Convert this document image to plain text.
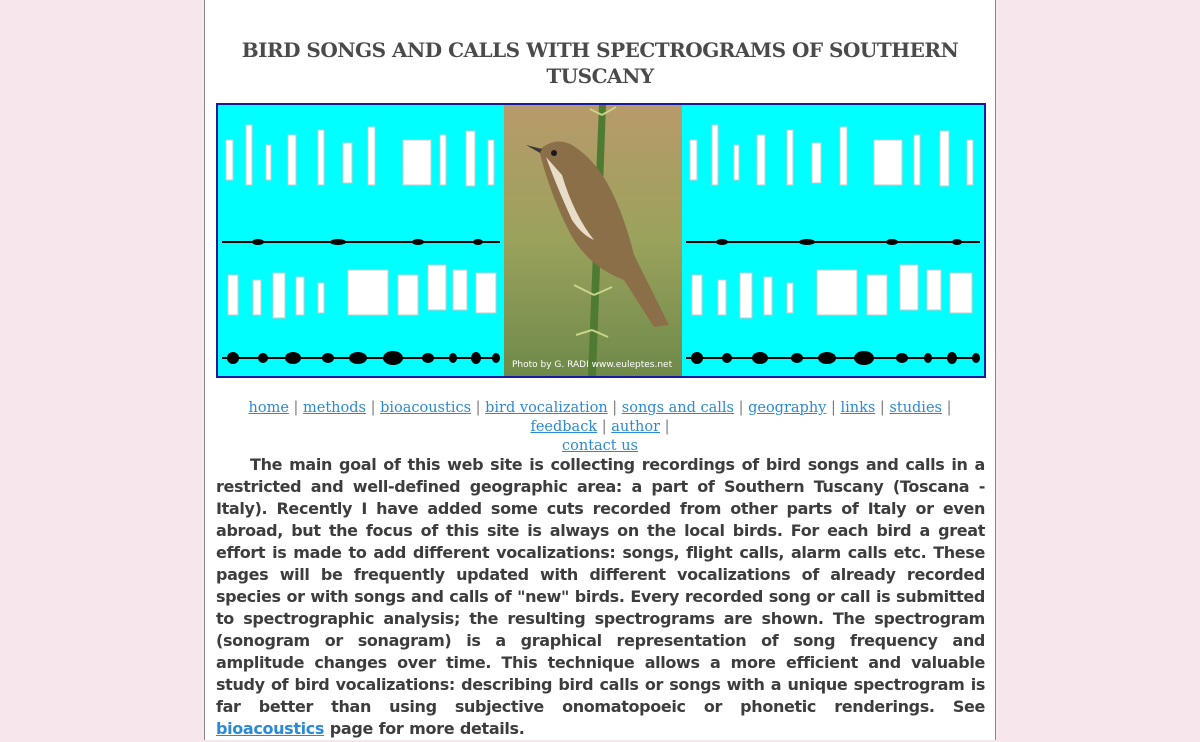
BIRD SONGS AND CALLS WITH SPECTROGRAMS OF SOUTHERN TUSCANY
Photo by G. RADI www.euleptes.net
home | methods | bioacoustics | bird vocalization | songs and calls | geography | links | studies | feedback | author |
contact us
The main goal of this web site is collecting recordings of bird songs and calls in a restricted and well-defined geographic area: a part of Southern Tuscany (Toscana - Italy). Recently I have added some cuts recorded from other parts of Italy or even abroad, but the focus of this site is always on the local birds. For each bird a great effort is made to add different vocalizations: songs, flight calls, alarm calls etc. These pages will be frequently updated with different vocalizations of already recorded species or with songs and calls of "new" birds. Every recorded song or call is submitted to spectrographic analysis; the resulting spectrograms are shown. The spectrogram (sonogram or sonagram) is a graphical representation of song frequency and amplitude changes over time. This technique allows a more efficient and valuable study of bird vocalizations: describing bird calls or songs with a unique spectrogram is far better than using subjective onomatopoeic or phonetic renderings. See bioacoustics page for more details.
